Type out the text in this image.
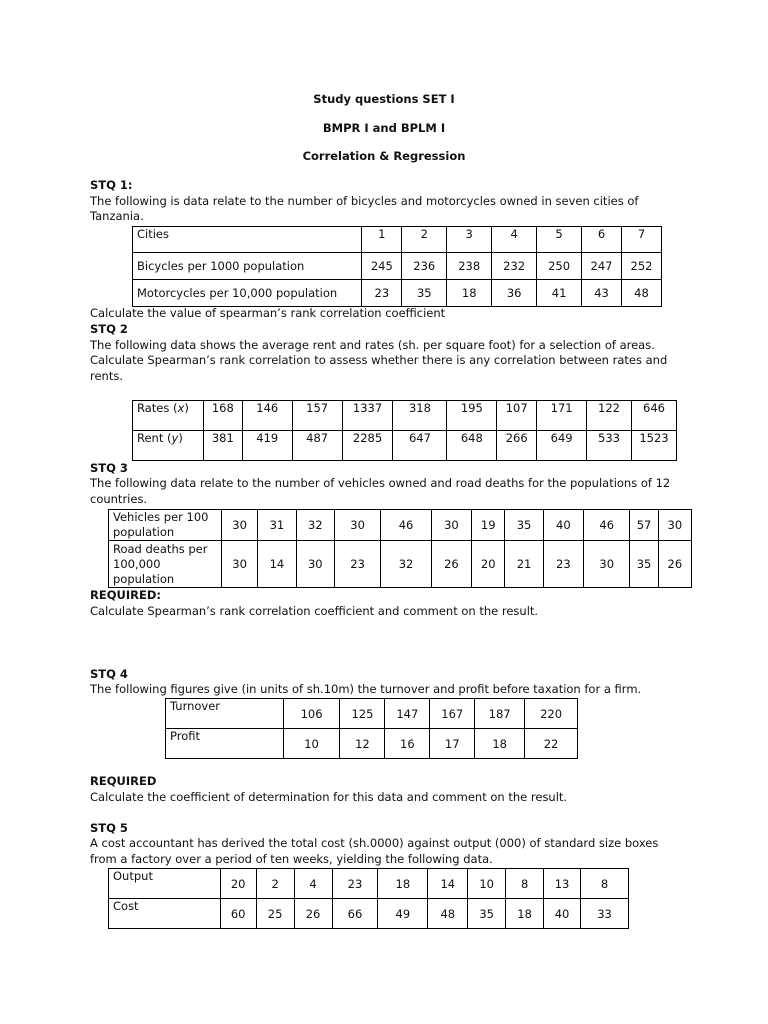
Study questions SET I
BMPR I and BPLM I
Correlation & Regression
STQ 1:
The following is data relate to the number of bicycles and motorcycles owned in seven cities of
Tanzania.
Cities	1	2	3	4	5	6	7
Bicycles per 1000 population	245	236	238	232	250	247	252
Motorcycles per 10,000 population	23	35	18	36	41	43	48
Calculate the value of spearman’s rank correlation coefficient
STQ 2
The following data shows the average rent and rates (sh. per square foot) for a selection of areas.
Calculate Spearman’s rank correlation to assess whether there is any correlation between rates and
rents.
Rates (x)	168	146	157	1337	318	195	107	171	122	646
Rent (y)	381	419	487	2285	647	648	266	649	533	1523
STQ 3
The following data relate to the number of vehicles owned and road deaths for the populations of 12
countries.
Vehicles per 100
population	30	31	32	30	46	30	19	35	40	46	57	30

Road deaths per
100,000
population	30	14	30	23	32	26	20	21	23	30	35	26
REQUIRED:
Calculate Spearman’s rank correlation coefficient and comment on the result.
STQ 4
The following figures give (in units of sh.10m) the turnover and profit before taxation for a firm.
Turnover	106	125	147	167	187	220
Profit	10	12	16	17	18	22
REQUIRED
Calculate the coefficient of determination for this data and comment on the result.
STQ 5
A cost accountant has derived the total cost (sh.0000) against output (000) of standard size boxes
from a factory over a period of ten weeks, yielding the following data.
Output	20	2	4	23	18	14	10	8	13	8
Cost	60	25	26	66	49	48	35	18	40	33
